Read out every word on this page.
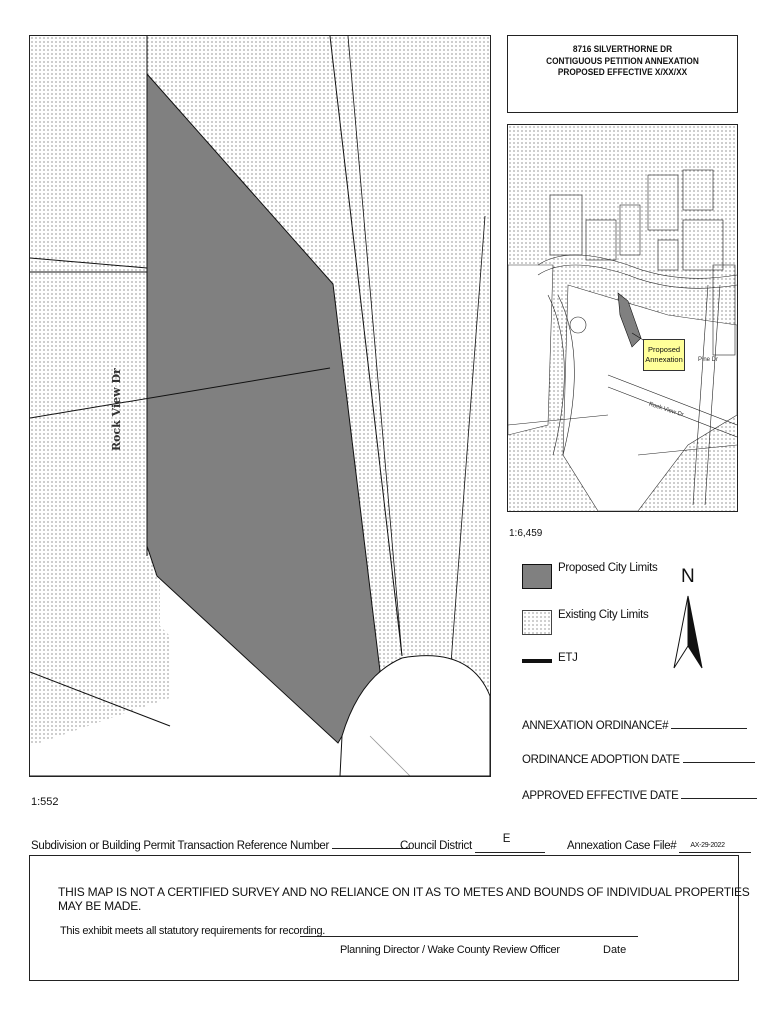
Rock View Dr
8716 SILVERTHORNE DR
CONTIGUOUS PETITION ANNEXATION
PROPOSED EFFECTIVE X/XX/XX
Proposed
Annexation
Rock View Dr
Pine Dr
1:6,459
1:552
Proposed City Limits
Existing City Limits
ETJ
N
ANNEXATION ORDINANCE#
ORDINANCE ADOPTION DATE
APPROVED EFFECTIVE DATE
Subdivision or Building Permit Transaction Reference Number	Council District
E

Annexation Case File# AX-29-2022

THIS MAP IS NOT A CERTIFIED SURVEY AND NO RELIANCE ON IT AS TO METES AND BOUNDS OF INDIVIDUAL PROPERTIES MAY BE MADE.
This exhibit meets all statutory requirements for recording.
Planning Director / Wake County Review Officer	Date
